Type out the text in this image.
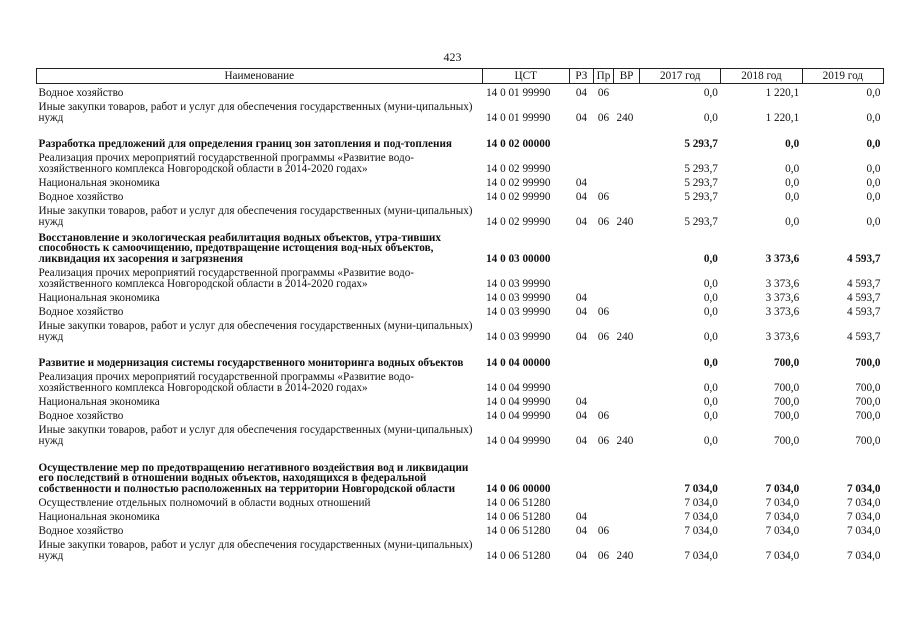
423
Наименование	ЦСТ	РЗ	Пр	ВР	2017 год	2018 год	2019 год
Водное хозяйство	14 0 01 99990	04	06		0,0	1 220,1	0,0
Иные закупки товаров, работ и услуг для обеспечения государственных (муни-ципальных) нужд	14 0 01 99990	04	06	240	0,0	1 220,1	0,0
Разработка предложений для определения границ зон затопления и под-топления	14 0 02 00000				5 293,7	0,0	0,0
Реализация прочих мероприятий государственной программы «Развитие водо-хозяйственного комплекса Новгородской области в 2014-2020 годах»	14 0 02 99990				5 293,7	0,0	0,0
Национальная экономика	14 0 02 99990	04			5 293,7	0,0	0,0
Водное хозяйство	14 0 02 99990	04	06		5 293,7	0,0	0,0
Иные закупки товаров, работ и услуг для обеспечения государственных (муни-ципальных) нужд	14 0 02 99990	04	06	240	5 293,7	0,0	0,0
Восстановление и экологическая реабилитация водных объектов, утра-тивших способность к самоочищению, предотвращение истощения вод-ных объектов, ликвидация их засорения и загрязнения	14 0 03 00000				0,0	3 373,6	4 593,7
Реализация прочих мероприятий государственной программы «Развитие водо-хозяйственного комплекса Новгородской области в 2014-2020 годах»	14 0 03 99990				0,0	3 373,6	4 593,7
Национальная экономика	14 0 03 99990	04			0,0	3 373,6	4 593,7
Водное хозяйство	14 0 03 99990	04	06		0,0	3 373,6	4 593,7
Иные закупки товаров, работ и услуг для обеспечения государственных (муни-ципальных) нужд	14 0 03 99990	04	06	240	0,0	3 373,6	4 593,7
Развитие и модернизация системы государственного мониторинга водных объектов	14 0 04 00000				0,0	700,0	700,0
Реализация прочих мероприятий государственной программы «Развитие водо-хозяйственного комплекса Новгородской области в 2014-2020 годах»	14 0 04 99990				0,0	700,0	700,0
Национальная экономика	14 0 04 99990	04			0,0	700,0	700,0
Водное хозяйство	14 0 04 99990	04	06		0,0	700,0	700,0
Иные закупки товаров, работ и услуг для обеспечения государственных (муни-ципальных) нужд	14 0 04 99990	04	06	240	0,0	700,0	700,0
Осуществление мер по предотвращению негативного воздействия вод и ликвидации его последствий в отношении водных объектов, находящихся в федеральной собственности и полностью расположенных на территории Новгородской области	14 0 06 00000				7 034,0	7 034,0	7 034,0
Осуществление отдельных полномочий в области водных отношений	14 0 06 51280				7 034,0	7 034,0	7 034,0
Национальная экономика	14 0 06 51280	04			7 034,0	7 034,0	7 034,0
Водное хозяйство	14 0 06 51280	04	06		7 034,0	7 034,0	7 034,0
Иные закупки товаров, работ и услуг для обеспечения государственных (муни-ципальных) нужд	14 0 06 51280	04	06	240	7 034,0	7 034,0	7 034,0
